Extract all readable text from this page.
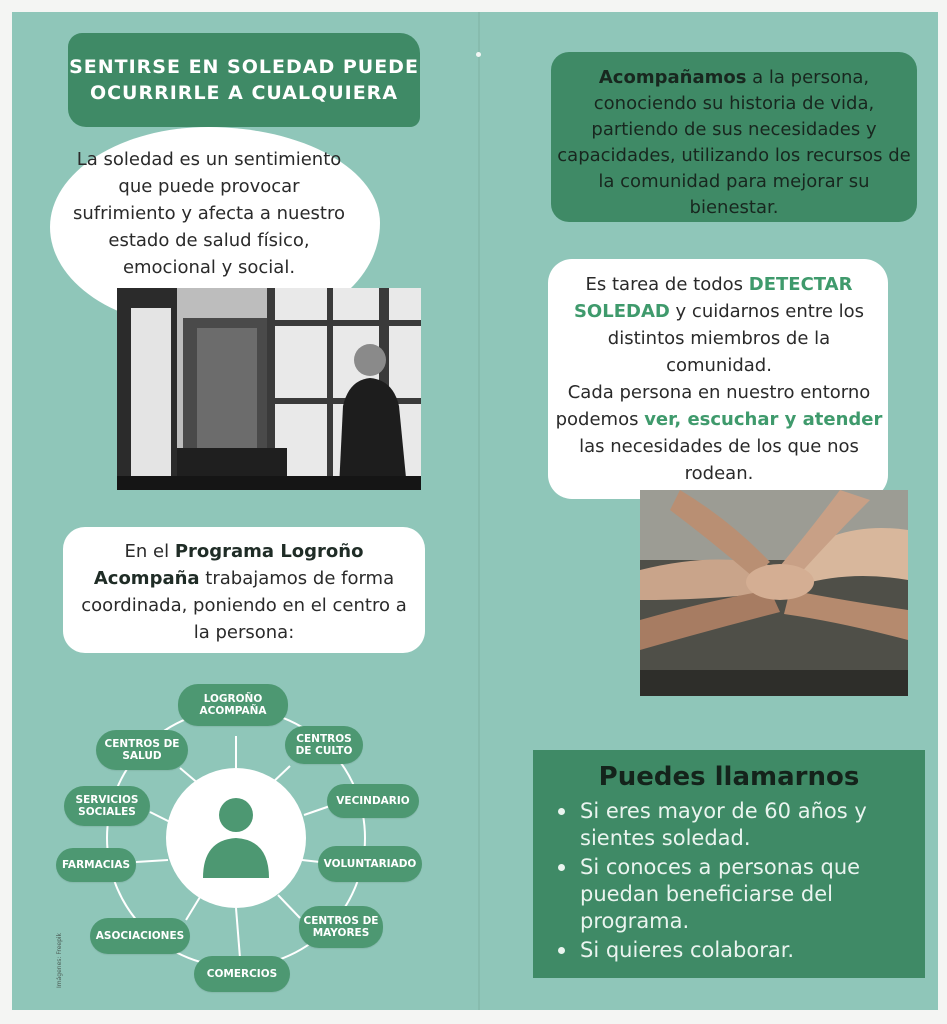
SENTIRSE EN SOLEDAD PUEDE
OCURRIRLE A CUALQUIERA
La soledad es un sentimiento que puede provocar sufrimiento y afecta a nuestro estado de salud físico, emocional y social.
En el Programa Logroño Acompaña trabajamos de forma coordinada, poniendo en el centro a la persona:
LOGROÑO
ACOMPAÑA
CENTROS
DE CULTO
VECINDARIO
VOLUNTARIADO
CENTROS DE
MAYORES
COMERCIOS
ASOCIACIONES
FARMACIAS
SERVICIOS
SOCIALES
CENTROS DE
SALUD
Imágenes: Freepik
Acompañamos a la persona, conociendo su historia de vida, partiendo de sus necesidades y capacidades, utilizando los recursos de la comunidad para mejorar su bienestar.
Es tarea de todos DETECTAR SOLEDAD y cuidarnos entre los distintos miembros de la comunidad.
Cada persona en nuestro entorno podemos ver, escuchar y atender las necesidades de los que nos rodean.
Puedes llamarnos
Si eres mayor de 60 años y sientes soledad.
Si conoces a personas que puedan beneficiarse del programa.
Si quieres colaborar.
